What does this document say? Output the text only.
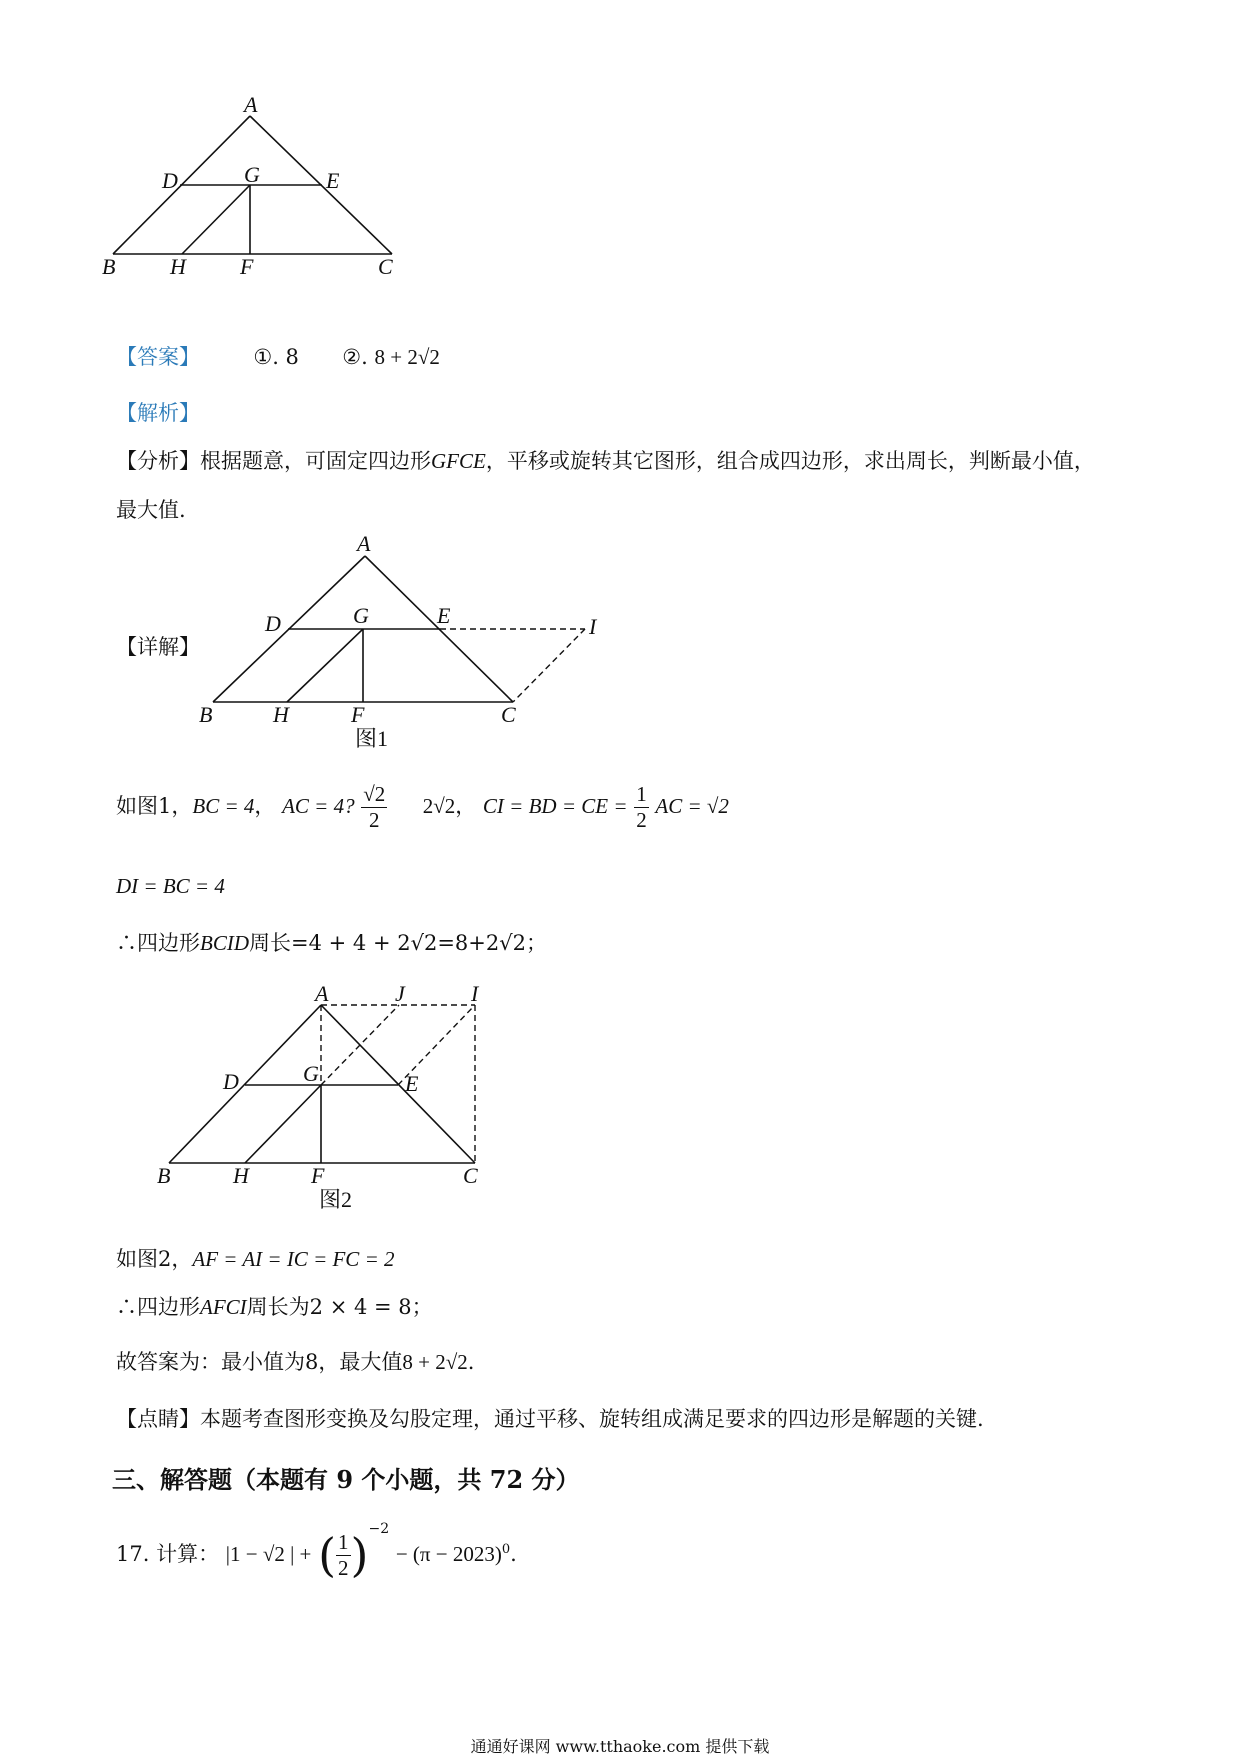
A
D	G	E
B H F	C
【答案】	①. 8 ②. 8 + 2√2
【解析】
【分析】根据题意，可固定四边形GFCE，平移或旋转其它图形，组合成四边形，求出周长，判断最小值，
最大值.
【详解】
A
D	G	E	I
B	H	F	C
图1
如图1，BC = 4， AC = 4? $\frac{√2}{2} 2√2$， CI = BD = CE = $\frac{1}{2}$ AC = √2
DI = BC = 4
∴四边形BCID周长=4 + 4 + 2√2=8+2√2；
A	J	I
D	G	E
B	H	F	C
图2
如图2，AF = AI = IC = FC = 2
∴四边形AFCI周长为2 × 4 = 8；
故答案为：最小值为8，最大值8 + 2√2.
【点睛】本题考查图形变换及勾股定理，通过平移、旋转组成满足要求的四边形是解题的关键.
三、解答题（本题有 9 个小题，共 72 分）
17. 计算： |1 − √2 | + ( $\frac{1}{2} )^{-2} - (\pi - 2023)^0$.
通通好课网 www.tthaoke.com 提供下载
